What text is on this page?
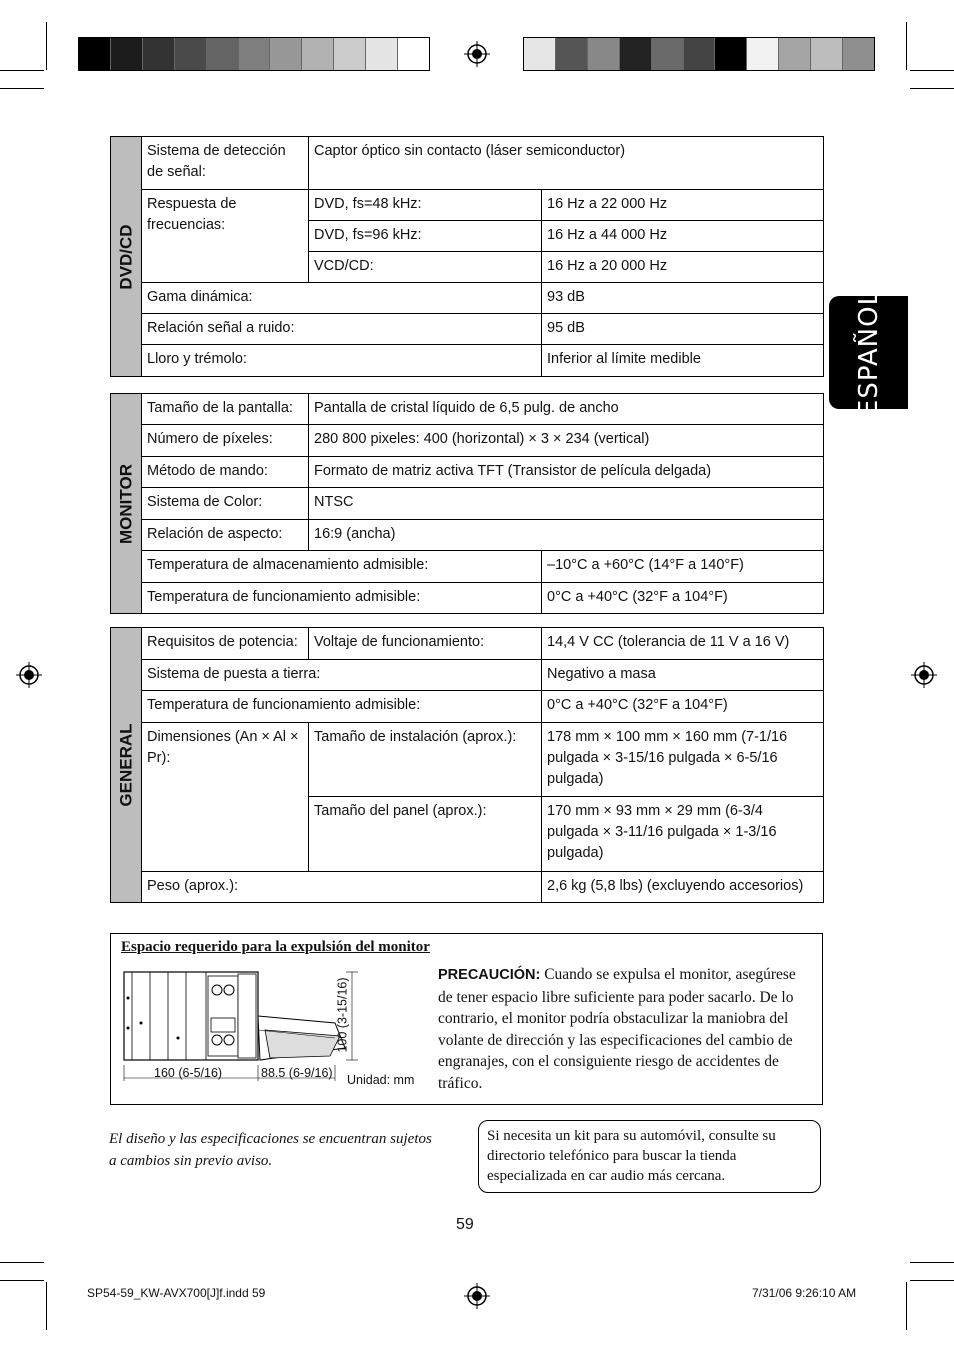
ESPAÑOL
DVD/CD	Sistema de detección de señal:	Captor óptico sin contacto (láser semiconductor)	
	Respuesta de frecuencias:	DVD, fs=48 kHz:	16 Hz a 22 000 Hz
		DVD, fs=96 kHz:	16 Hz a 44 000 Hz
		VCD/CD:	16 Hz a 20 000 Hz
	Gama dinámica:		93 dB
	Relación señal a ruido:		95 dB
	Lloro y trémolo:		Inferior al límite medible
MONITOR	Tamaño de la pantalla:	Pantalla de cristal líquido de 6,5 pulg. de ancho	
	Número de píxeles:	280 800 pixeles: 400 (horizontal) × 3 × 234 (vertical)	
	Método de mando:	Formato de matriz activa TFT (Transistor de película delgada)	
	Sistema de Color:	NTSC	
	Relación de aspecto:	16:9 (ancha)	
	Temperatura de almacenamiento admisible:		–10°C a +60°C (14°F a 140°F)
	Temperatura de funcionamiento admisible:		0°C a +40°C (32°F a 104°F)
GENERAL	Requisitos de potencia:	Voltaje de funcionamiento:	14,4 V CC (tolerancia de 11 V a 16 V)
	Sistema de puesta a tierra:		Negativo a masa
	Temperatura de funcionamiento admisible:		0°C a +40°C (32°F a 104°F)
	Dimensiones (An × Al × Pr):	Tamaño de instalación (aprox.):	178 mm × 100 mm × 160 mm (7-1/16 pulgada × 3-15/16 pulgada × 6-5/16 pulgada)
		Tamaño del panel (aprox.):	170 mm × 93 mm × 29 mm (6-3/4 pulgada × 3-11/16 pulgada × 1-3/16 pulgada)
	Peso (aprox.):		2,6 kg (5,8 lbs) (excluyendo accesorios)
Espacio requerido para la expulsión del monitor
160 (6-5/16)	88.5 (6-9/16)
100 (3-15/16)
Unidad: mm
PRECAUCIÓN: Cuando se expulsa el monitor, asegúrese de tener espacio libre suficiente para poder sacarlo. De lo contrario, el monitor podría obstaculizar la maniobra del volante de dirección y las especificaciones del cambio de engranajes, con el consiguiente riesgo de accidentes de tráfico.
El diseño y las especificaciones se encuentran sujetos a cambios sin previo aviso.
Si necesita un kit para su automóvil, consulte su directorio telefónico para buscar la tienda especializada en car audio más cercana.
59
SP54-59_KW-AVX700[J]f.indd 59	7/31/06 9:26:10 AM
